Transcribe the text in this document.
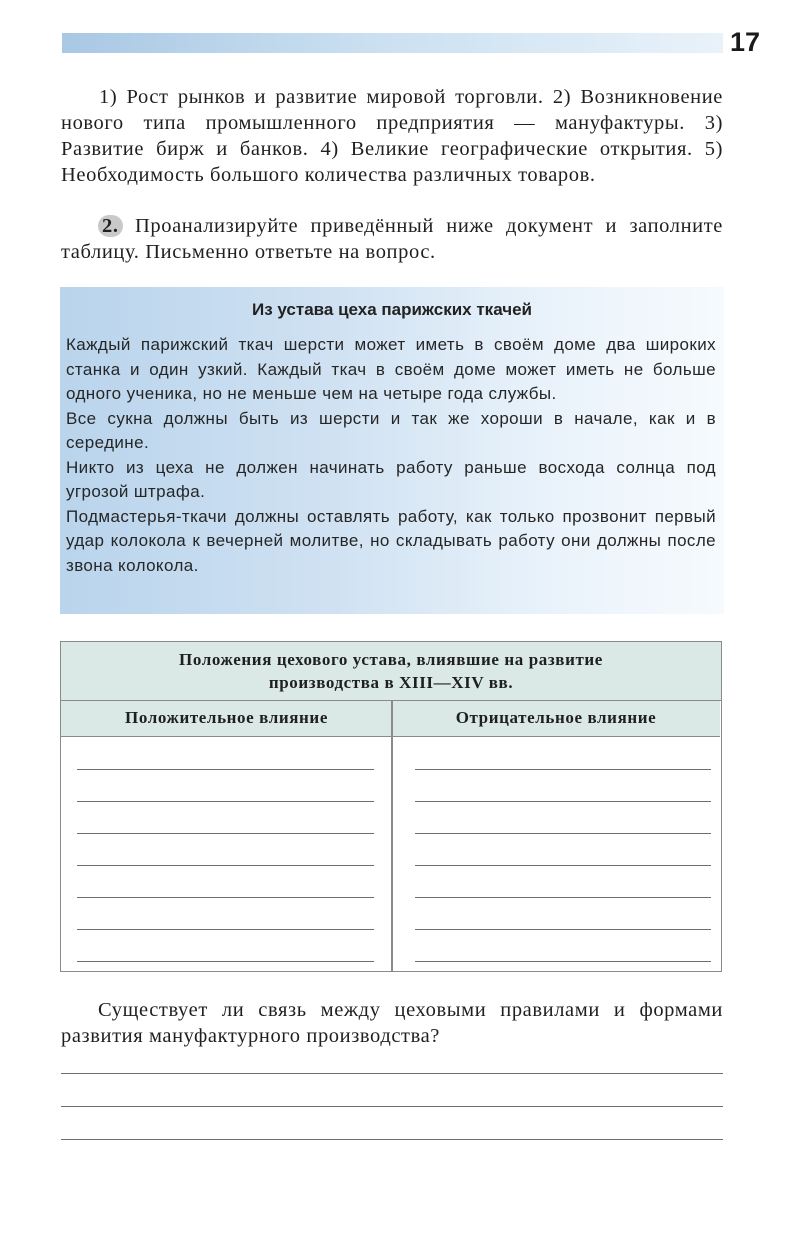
17

1) Рост рынков и развитие мировой торговли. 2) Возникновение нового типа промышленного предприятия — мануфактуры. 3) Развитие бирж и банков. 4) Великие географические открытия. 5) Необходимость большого количества различных товаров.

2. Проанализируйте приведённый ниже документ и заполните таблицу. Письменно ответьте на вопрос.

Из устава цеха парижских ткачей

Каждый парижский ткач шерсти может иметь в своём доме два широких станка и один узкий. Каждый ткач в своём доме может иметь не больше одного ученика, но не меньше чем на четыре года службы.

Все сукна должны быть из шерсти и так же хороши в начале, как и в середине.

Никто из цеха не должен начинать работу раньше восхода солнца под угрозой штрафа.

Подмастерья-ткачи должны оставлять работу, как только прозвонит первый удар колокола к вечерней молитве, но складывать работу они должны после звона колокола.

Положения цехового устава, влиявшие на развитие
производства в XIII—XIV вв.
Положительное влияние	Отрицательное влияние

Существует ли связь между цеховыми правилами и формами развития мануфактурного производства?
